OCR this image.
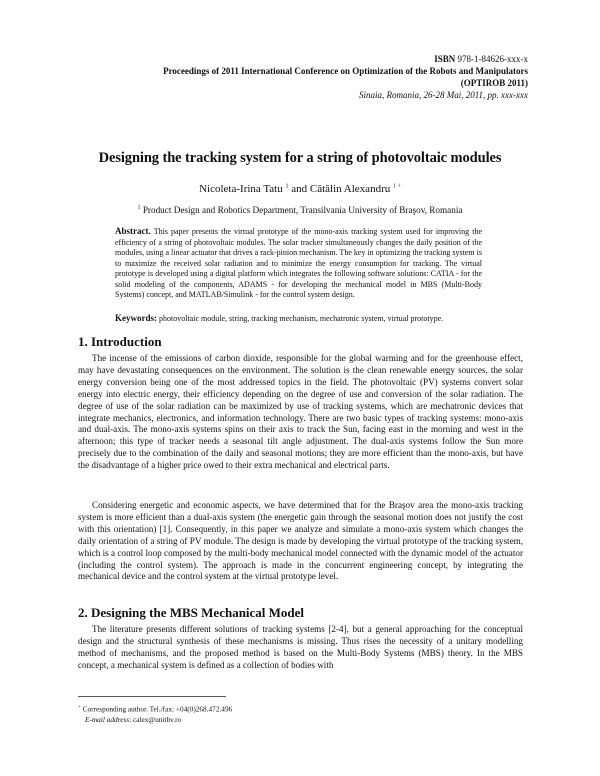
ISBN 978-1-84626-xxx-x
Proceedings of 2011 International Conference on Optimization of the Robots and Manipulators
(OPTIROB 2011)
Sinaia, Romania, 26-28 Mai, 2011, pp. xxx-xxx
Designing the tracking system for a string of photovoltaic modules
Nicoleta-Irina Tatu $^1$ and Cătălin Alexandru $^{1 +}$
$^1$ Product Design and Robotics Department, Transilvania University of Braşov, Romania
Abstract. This paper presents the virtual prototype of the mono-axis tracking system used for improving the efficiency of a string of photovoltaic modules. The solar tracker simultaneously changes the daily position of the modules, using a linear actuator that drives a rack-pinion mechanism. The key in optimizing the tracking system is to maximize the received solar radiation and to minimize the energy consumption for tracking. The virtual prototype is developed using a digital platform which integrates the following software solutions: CATIA - for the solid modeling of the components, ADAMS - for developing the mechanical model in MBS (Multi-Body Systems) concept, and MATLAB/Simulink - for the control system design.
Keywords: photovoltaic module, string, tracking mechanism, mechatronic system, virtual prototype.
1. Introduction

The incense of the emissions of carbon dioxide, responsible for the global warming and for the greenhouse effect, may have devastating consequences on the environment. The solution is the clean renewable energy sources, the solar energy conversion being one of the most addressed topics in the field. The photovoltaic (PV) systems convert solar energy into electric energy, their efficiency depending on the degree of use and conversion of the solar radiation. The degree of use of the solar radiation can be maximized by use of tracking systems, which are mechatronic devices that integrate mechanics, electronics, and information technology. There are two basic types of tracking systems: mono-axis and dual-axis. The mono-axis systems spins on their axis to track the Sun, facing east in the morning and west in the afternoon; this type of tracker needs a seasonal tilt angle adjustment. The dual-axis systems follow the Sun more precisely due to the combination of the daily and seasonal motions; they are more efficient than the mono-axis, but have the disadvantage of a higher price owed to their extra mechanical and electrical parts.

Considering energetic and economic aspects, we have determined that for the Braşov area the mono-axis tracking system is more efficient than a dual-axis system (the energetic gain through the seasonal motion does not justify the cost with this orientation) [1]. Consequently, in this paper we analyze and simulate a mono-axis system which changes the daily orientation of a string of PV module. The design is made by developing the virtual prototype of the tracking system, which is a control loop composed by the multi-body mechanical model connected with the dynamic model of the actuator (including the control system). The approach is made in the concurrent engineering concept, by integrating the mechanical device and the control system at the virtual prototype level.

2. Designing the MBS Mechanical Model

The literature presents different solutions of tracking systems [2-4], but a general approaching for the conceptual design and the structural synthesis of these mechanisms is missing. Thus rises the necessity of a unitary modelling method of mechanisms, and the proposed method is based on the Multi-Body Systems (MBS) theory. In the MBS concept, a mechanical system is defined as a collection of bodies with

+ Corresponding author. Tel./fax: +04(0)268.472.496
E-mail address: calex@unitbv.ro
